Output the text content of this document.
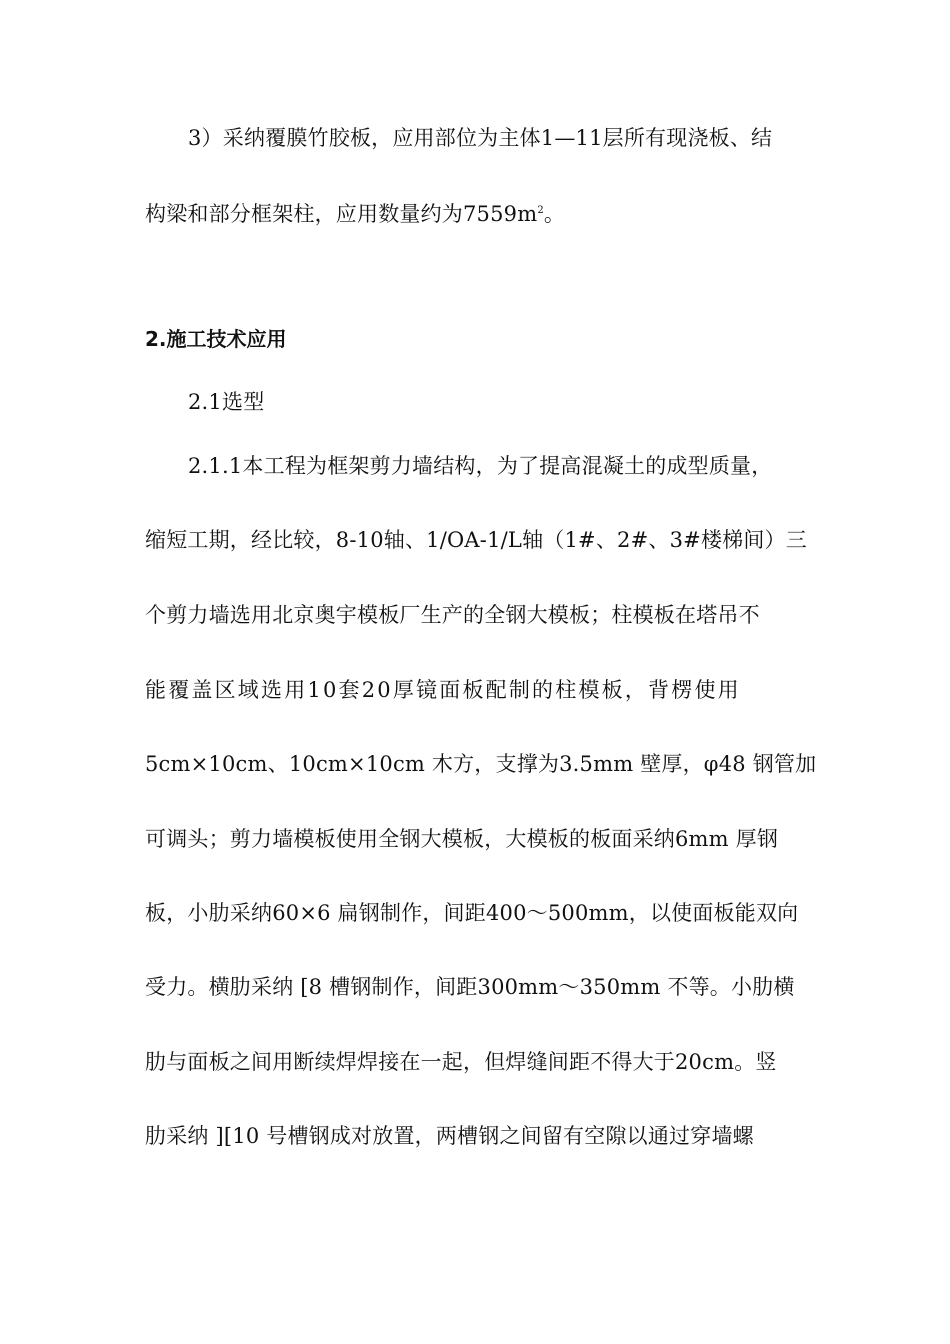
3）采纳覆膜竹胶板，应用部位为主体1—11层所有现浇板、结
构梁和部分框架柱，应用数量约为$7559m^2$。
2.施工技术应用
2.1选型
2.1.1本工程为框架剪力墙结构，为了提高混凝土的成型质量，
缩短工期，经比较，8-10轴、1/OA-1/L轴（1#、2#、3#楼梯间）三
个剪力墙选用北京奥宇模板厂生产的全钢大模板；柱模板在塔吊不
能覆盖区域选用10套20厚镜面板配制的柱模板，背楞使用
5cm×10cm、10cm×10cm 木方，支撑为3.5mm 壁厚，φ48 钢管加
可调头；剪力墙模板使用全钢大模板，大模板的板面采纳6mm 厚钢
板，小肋采纳60×6 扁钢制作，间距400～500mm，以使面板能双向
受力。横肋采纳 [8 槽钢制作，间距300mm～350mm 不等。小肋横
肋与面板之间用断续焊焊接在一起，但焊缝间距不得大于20cm。竖
肋采纳 ][10 号槽钢成对放置，两槽钢之间留有空隙以通过穿墙螺
